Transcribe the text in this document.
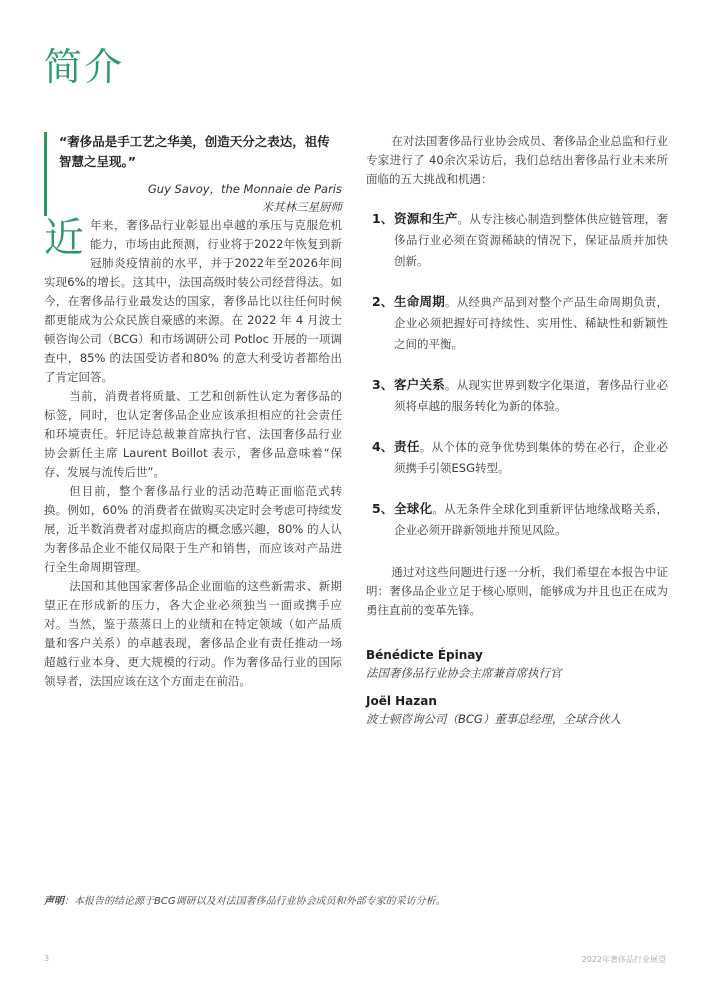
简介
“奢侈品是手工艺之华美，创造天分之表达，祖传智慧之呈现。”
Guy Savoy，the Monnaie de Paris
米其林三星厨师

近年来，奢侈品行业彰显出卓越的承压与克服危机能力，市场由此预测，行业将于2022年恢复到新冠肺炎疫情前的水平，并于2022年至2026年间实现6%的增长。这其中，法国高级时装公司经营得法。如今，在奢侈品行业最发达的国家，奢侈品比以往任何时候都更能成为公众民族自豪感的来源。在 2022 年 4 月波士顿咨询公司（BCG）和市场调研公司 Potloc 开展的一项调查中，85% 的法国受访者和80% 的意大利受访者都给出了肯定回答。

当前，消费者将质量、工艺和创新性认定为奢侈品的标签，同时，也认定奢侈品企业应该承担相应的社会责任和环境责任。轩尼诗总裁兼首席执行官、法国奢侈品行业协会新任主席 Laurent Boillot 表示，奢侈品意味着“保存、发展与流传后世”。

但目前，整个奢侈品行业的活动范畴正面临范式转换。例如，60% 的消费者在做购买决定时会考虑可持续发展，近半数消费者对虚拟商店的概念感兴趣，80% 的人认为奢侈品企业不能仅局限于生产和销售，而应该对产品进行全生命周期管理。

法国和其他国家奢侈品企业面临的这些新需求、新期望正在形成新的压力，各大企业必须独当一面或携手应对。当然，鉴于蒸蒸日上的业绩和在特定领域（如产品质量和客户关系）的卓越表现，奢侈品企业有责任推动一场超越行业本身、更大规模的行动。作为奢侈品行业的国际领导者，法国应该在这个方面走在前沿。

在对法国奢侈品行业协会成员、奢侈品企业总监和行业专家进行了 40余次采访后，我们总结出奢侈品行业未来所面临的五大挑战和机遇：

1、 资源和生产。从专注核心制造到整体供应链管理，奢侈品行业必须在资源稀缺的情况下，保证品质并加快创新。
2、 生命周期。从经典产品到对整个产品生命周期负责，企业必须把握好可持续性、实用性、稀缺性和新颖性之间的平衡。
3、 客户关系。从现实世界到数字化渠道，奢侈品行业必须将卓越的服务转化为新的体验。
4、 责任。从个体的竞争优势到集体的势在必行，企业必须携手引领ESG转型。
5、 全球化。从无条件全球化到重新评估地缘战略关系，企业必须开辟新领地并预见风险。

通过对这些问题进行逐一分析，我们希望在本报告中证明：奢侈品企业立足于核心原则，能够成为并且也正在成为勇往直前的变革先锋。

Bénédicte Épinay
法国奢侈品行业协会主席兼首席执行官
Joël Hazan
波士顿咨询公司（BCG）董事总经理，全球合伙人
声明：本报告的结论源于BCG调研以及对法国奢侈品行业协会成员和外部专家的采访分析。
3	2022年奢侈品行业展望
